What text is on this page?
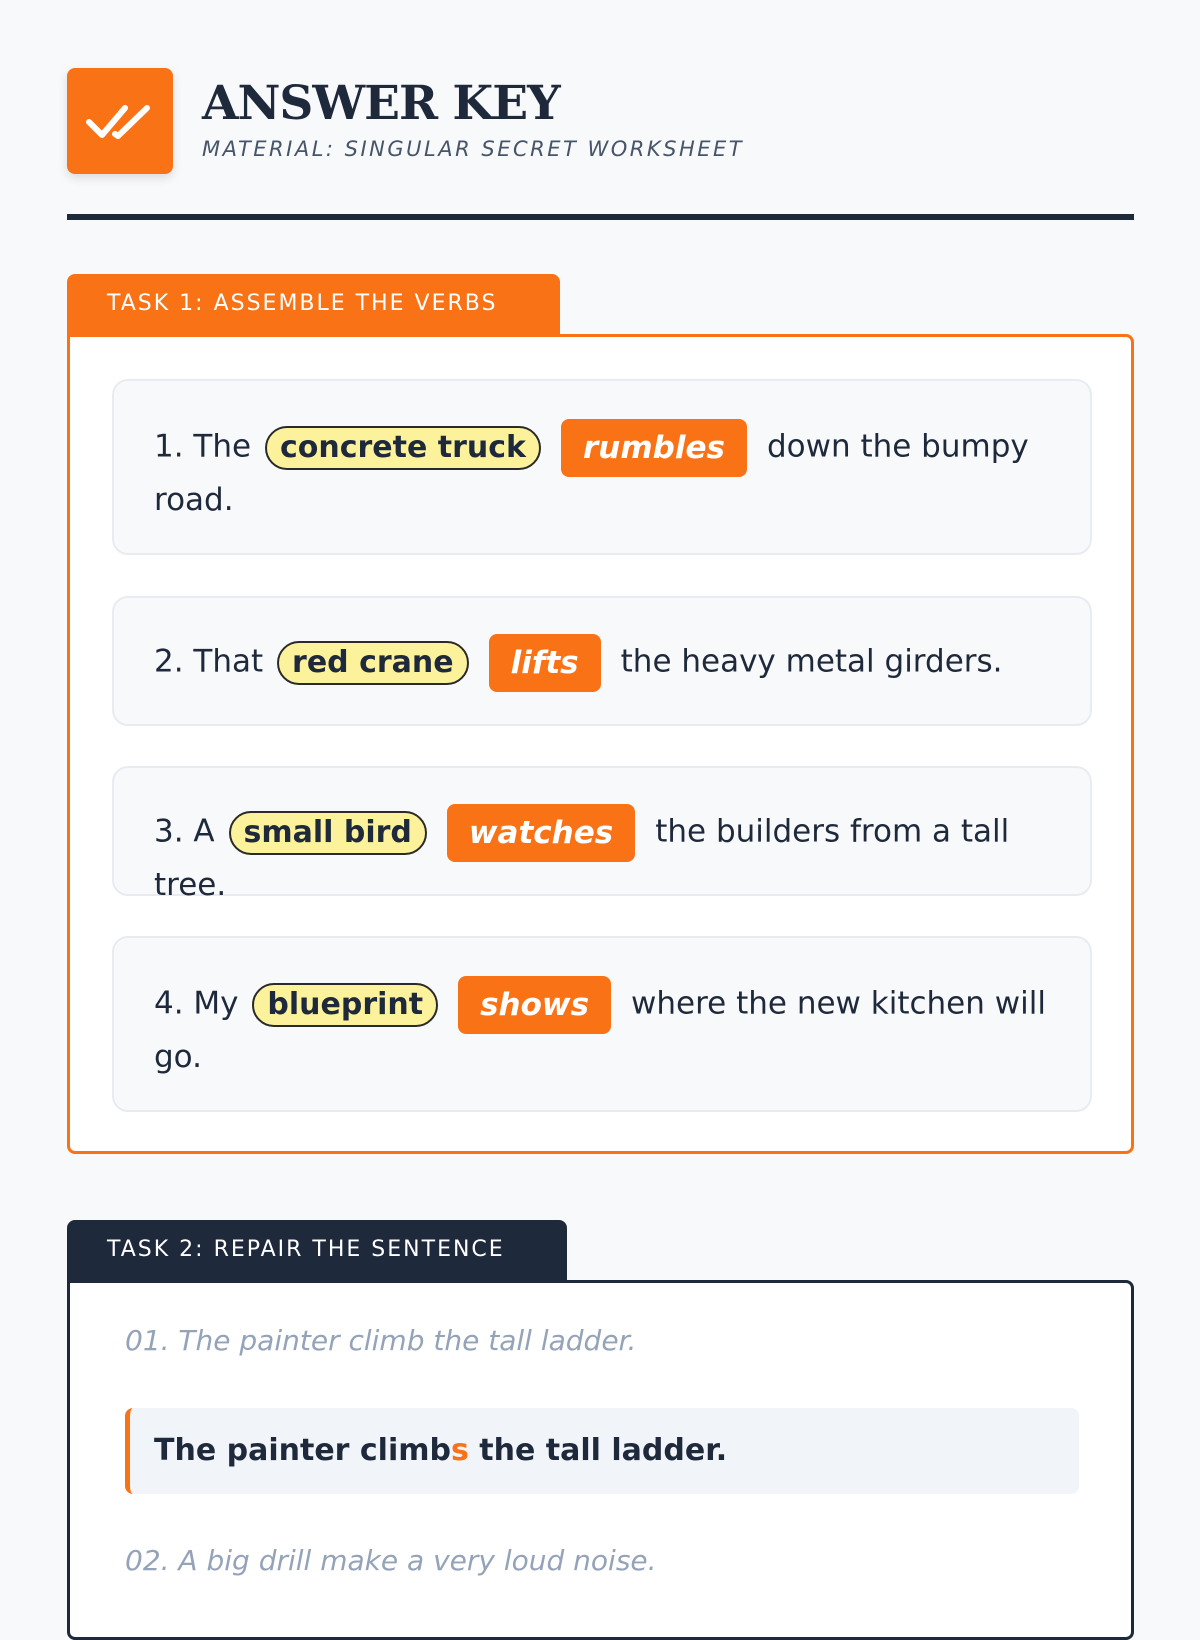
ANSWER KEY
MATERIAL: SINGULAR SECRET WORKSHEET
TASK 1: ASSEMBLE THE VERBS
1. The concrete truck rumbles down the bumpy road.
2. That red crane lifts the heavy metal girders.
3. A small bird watches the builders from a tall tree.
4. My blueprint shows where the new kitchen will go.
TASK 2: REPAIR THE SENTENCE
01. The painter climb the tall ladder.
The painter climbs the tall ladder.
02. A big drill make a very loud noise.
